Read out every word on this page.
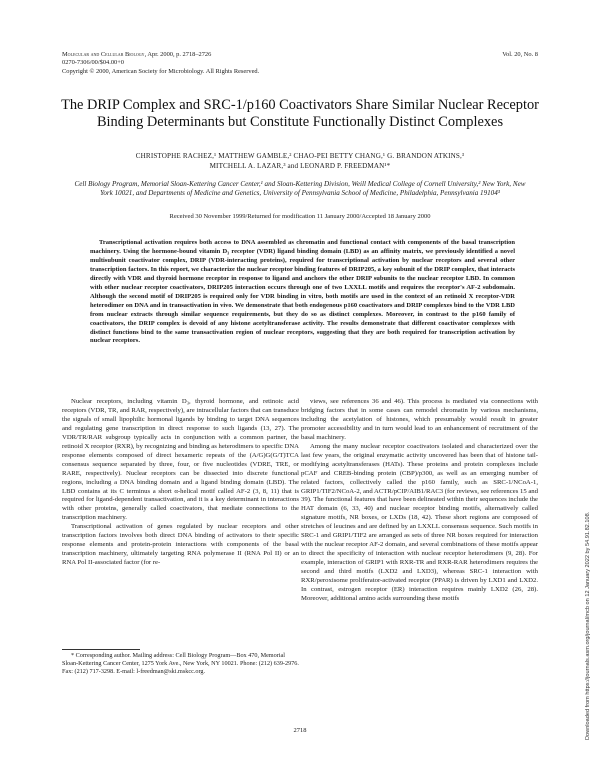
Molecular and Cellular Biology, Apr. 2000, p. 2718–2726
0270-7306/00/$04.00+0
Copyright © 2000, American Society for Microbiology. All Rights Reserved.
Vol. 20, No. 8
The DRIP Complex and SRC-1/p160 Coactivators Share Similar Nuclear Receptor Binding Determinants but Constitute Functionally Distinct Complexes
CHRISTOPHE RACHEZ,¹ MATTHEW GAMBLE,² CHAO-PEI BETTY CHANG,¹ G. BRANDON ATKINS,³
MITCHELL A. LAZAR,³ and LEONARD P. FREEDMAN¹*
Cell Biology Program, Memorial Sloan-Kettering Cancer Center,¹ and Sloan-Kettering Division, Weill Medical College of Cornell University,² New York, New York 10021, and Departments of Medicine and Genetics, University of Pennsylvania School of Medicine, Philadelphia, Pennsylvania 19104³
Received 30 November 1999/Returned for modification 11 January 2000/Accepted 18 January 2000
Transcriptional activation requires both access to DNA assembled as chromatin and functional contact with components of the basal transcription machinery. Using the hormone-bound vitamin D₃ receptor (VDR) ligand binding domain (LBD) as an affinity matrix, we previously identified a novel multisubunit coactivator complex, DRIP (VDR-interacting proteins), required for transcriptional activation by nuclear receptors and several other transcription factors. In this report, we characterize the nuclear receptor binding features of DRIP205, a key subunit of the DRIP complex, that interacts directly with VDR and thyroid hormone receptor in response to ligand and anchors the other DRIP subunits to the nuclear receptor LBD. In common with other nuclear receptor coactivators, DRIP205 interaction occurs through one of two LXXLL motifs and requires the receptor's AF-2 subdomain. Although the second motif of DRIP205 is required only for VDR binding in vitro, both motifs are used in the context of an retinoid X receptor-VDR heterodimer on DNA and in transactivation in vivo. We demonstrate that both endogenous p160 coactivators and DRIP complexes bind to the VDR LBD from nuclear extracts through similar sequence requirements, but they do so as distinct complexes. Moreover, in contrast to the p160 family of coactivators, the DRIP complex is devoid of any histone acetyltransferase activity. The results demonstrate that different coactivator complexes with distinct functions bind to the same transactivation region of nuclear receptors, suggesting that they are both required for transcription activation by nuclear receptors.

Nuclear receptors, including vitamin D₃, thyroid hormone, and retinoic acid receptors (VDR, TR, and RAR, respectively), are intracellular factors that can transduce the signals of small lipophilic hormonal ligands by binding to target DNA sequences and regulating gene transcription in direct response to such ligands (13, 27). The VDR/TR/RAR subgroup typically acts in conjunction with a common partner, the retinoid X receptor (RXR), by recognizing and binding as heterodimers to specific DNA response elements composed of direct hexameric repeats of the (A/G)G(G/T)TCA consensus sequence separated by three, four, or five nucleotides (VDRE, TRE, or RARE, respectively). Nuclear receptors can be dissected into discrete functional regions, including a DNA binding domain and a ligand binding domain (LBD). The LBD contains at its C terminus a short α-helical motif called AF-2 (3, 8, 11) that is required for ligand-dependent transactivation, and it is a key determinant in interactions with other proteins, generally called coactivators, that mediate connections to the transcription machinery.

Transcriptional activation of genes regulated by nuclear receptors and other transcription factors involves both direct DNA binding of activators to their specific response elements and protein-protein interactions with components of the basal transcription machinery, ultimately targeting RNA polymerase II (RNA Pol II) or an RNA Pol II-associated factor (for re-

views, see references 36 and 46). This process is mediated via connections with bridging factors that in some cases can remodel chromatin by various mechanisms, including the acetylation of histones, which presumably would result in greater promoter accessibility and in turn would lead to an enhancement of recruitment of the basal machinery.

Among the many nuclear receptor coactivators isolated and characterized over the last few years, the original enzymatic activity uncovered has been that of histone tail-modifying acetyltransferases (HATs). These proteins and protein complexes include pCAF and CREB-binding protein (CBP)/p300, as well as an emerging number of related factors, collectively called the p160 family, such as SRC-1/NCoA-1, GRIP1/TIF2/NCoA-2, and ACTR/pCIP/AIB1/RAC3 (for reviews, see references 15 and 39). The functional features that have been delineated within their sequences include the HAT domain (6, 33, 40) and nuclear receptor binding motifs, alternatively called signature motifs, NR boxes, or LXDs (18, 42). These short regions are composed of stretches of leucines and are defined by an LXXLL consensus sequence. Such motifs in SRC-1 and GRIP1/TIF2 are arranged as sets of three NR boxes required for interaction with the nuclear receptor AF-2 domain, and several combinations of these motifs appear to direct the specificity of interaction with nuclear receptor heterodimers (9, 28). For example, interaction of GRIP1 with RXR-TR and RXR-RAR heterodimers requires the second and third motifs (LXD2 and LXD3), whereas SRC-1 interaction with RXR/peroxisome proliferator-activated receptor (PPAR) is driven by LXD1 and LXD2. In contrast, estrogen receptor (ER) interaction requires mainly LXD2 (26, 28). Moreover, additional amino acids surrounding these motifs

* Corresponding author. Mailing address: Cell Biology Program—Box 470, Memorial Sloan-Kettering Cancer Center, 1275 York Ave., New York, NY 10021. Phone: (212) 639-2976. Fax: (212) 717-3298. E-mail: l-freedman@ski.mskcc.org.
2718	Downloaded from https://journals.asm.org/journal/mcb on 12 January 2022 by 54.91.82.108.
